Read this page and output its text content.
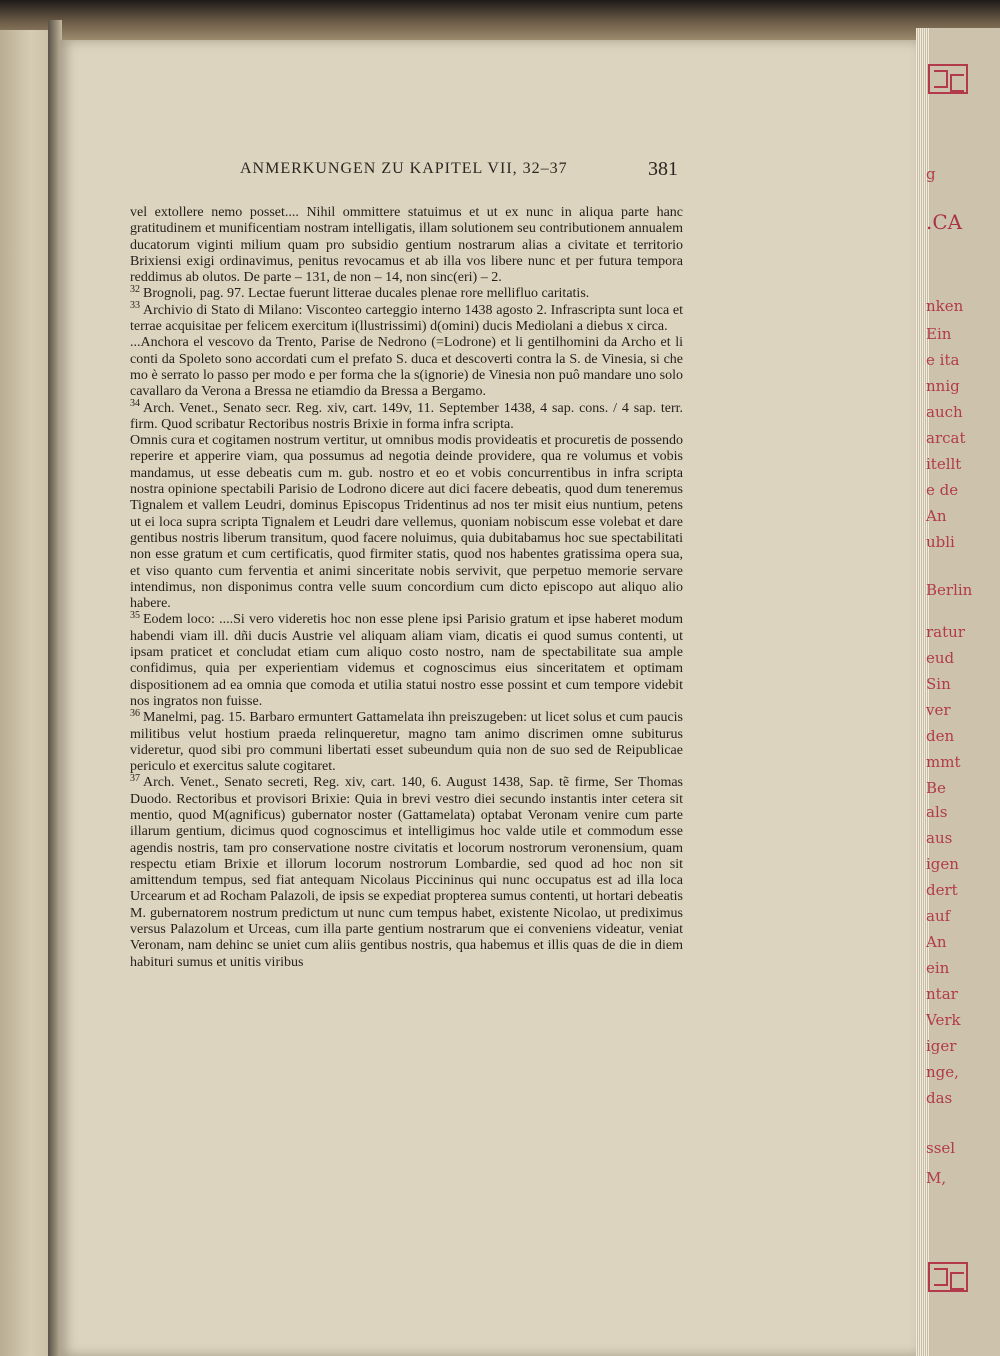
g
.CA
nken
Ein
e ita
nnig
auch
arcat
itellt
e de
An
ubli
Berlin
ratur
eud
Sin
ver
den
mmt
Be
als
aus
igen
dert
auf
An
ein
ntar
Verk
iger
nge,
das
ssel
M,
ANMERKUNGEN ZU KAPITEL VII, 32–37	381

vel extollere nemo posset.... Nihil ommittere statuimus et ut ex nunc in aliqua parte hanc gratitudinem et munificentiam nostram intelligatis, illam solutionem seu contributionem annualem ducatorum viginti milium quam pro subsidio gentium nostrarum alias a civitate et territorio Brixiensi exigi ordinavimus, penitus revocamus et ab illa vos libere nunc et per futura tempora reddimus ab olutos. De parte – 131, de non – 14, non sinc(eri) – 2.

$^{32}$ Brognoli, pag. 97. Lectae fuerunt litterae ducales plenae rore mellifluo caritatis.

$^{33}$ Archivio di Stato di Milano: Visconteo carteggio interno 1438 agosto 2. Infrascripta sunt loca et terrae acquisitae per felicem exercitum i(llustrissimi) d(omini) ducis Mediolani a diebus x circa.

...Anchora el vescovo da Trento, Parise de Nedrono (=Lodrone) et li gentilhomini da Archo et li conti da Spoleto sono accordati cum el prefato S. duca et descoverti contra la S. de Vinesia, si che mo è serrato lo passo per modo e per forma che la s(ignorie) de Vinesia non puô mandare uno solo cavallaro da Verona a Bressa ne etiamdio da Bressa a Bergamo.

$^{34}$ Arch. Venet., Senato secr. Reg. xiv, cart. 149v, 11. September 1438, 4 sap. cons. / 4 sap. terr. firm. Quod scribatur Rectoribus nostris Brixie in forma infra scripta.

Omnis cura et cogitamen nostrum vertitur, ut omnibus modis provideatis et procuretis de possendo reperire et apperire viam, qua possumus ad negotia deinde providere, qua re volumus et vobis mandamus, ut esse debeatis cum m. gub. nostro et eo et vobis concurrentibus in infra scripta nostra opinione spectabili Parisio de Lodrono dicere aut dici facere debeatis, quod dum teneremus Tignalem et vallem Leudri, dominus Episcopus Tridentinus ad nos ter misit eius nuntium, petens ut ei loca supra scripta Tignalem et Leudri dare vellemus, quoniam nobiscum esse volebat et dare gentibus nostris liberum transitum, quod facere noluimus, quia dubitabamus hoc sue spectabilitati non esse gratum et cum certificatis, quod firmiter statis, quod nos habentes gratissima opera sua, et viso quanto cum ferventia et animi sinceritate nobis servivit, que perpetuo memorie servare intendimus, non disponimus contra velle suum concordium cum dicto episcopo aut aliquo alio habere.

$^{35}$ Eodem loco: ....Si vero videretis hoc non esse plene ipsi Parisio gratum et ipse haberet modum habendi viam ill. dñi ducis Austrie vel aliquam aliam viam, dicatis ei quod sumus contenti, ut ipsam praticet et concludat etiam cum aliquo costo nostro, nam de spectabilitate sua ample confidimus, quia per experientiam videmus et cognoscimus eius sinceritatem et optimam dispositionem ad ea omnia que comoda et utilia statui nostro esse possint et cum tempore videbit nos ingratos non fuisse.

$^{36}$ Manelmi, pag. 15. Barbaro ermuntert Gattamelata ihn preiszugeben: ut licet solus et cum paucis militibus velut hostium praeda relinqueretur, magno tam animo discrimen omne subiturus videretur, quod sibi pro communi libertati esset subeundum quia non de suo sed de Reipublicae periculo et exercitus salute cogitaret.

$^{37}$ Arch. Venet., Senato secreti, Reg. xiv, cart. 140, 6. August 1438, Sap. tẽ firme, Ser Thomas Duodo. Rectoribus et provisori Brixie: Quia in brevi vestro diei secundo instantis inter cetera sit mentio, quod M(agnificus) gubernator noster (Gattamelata) optabat Veronam venire cum parte illarum gentium, dicimus quod cognoscimus et intelligimus hoc valde utile et commodum esse agendis nostris, tam pro conservatione nostre civitatis et locorum nostrorum veronensium, quam respectu etiam Brixie et illorum locorum nostrorum Lombardie, sed quod ad hoc non sit amittendum tempus, sed fiat antequam Nicolaus Piccininus qui nunc occupatus est ad illa loca Urcearum et ad Rocham Palazoli, de ipsis se expediat propterea sumus contenti, ut hortari debeatis M. gubernatorem nostrum predictum ut nunc cum tempus habet, existente Nicolao, ut prediximus versus Palazolum et Urceas, cum illa parte gentium nostrarum que ei conveniens videatur, veniat Veronam, nam dehinc se uniet cum aliis gentibus nostris, qua habemus et illis quas de die in diem habituri sumus et unitis viribus
